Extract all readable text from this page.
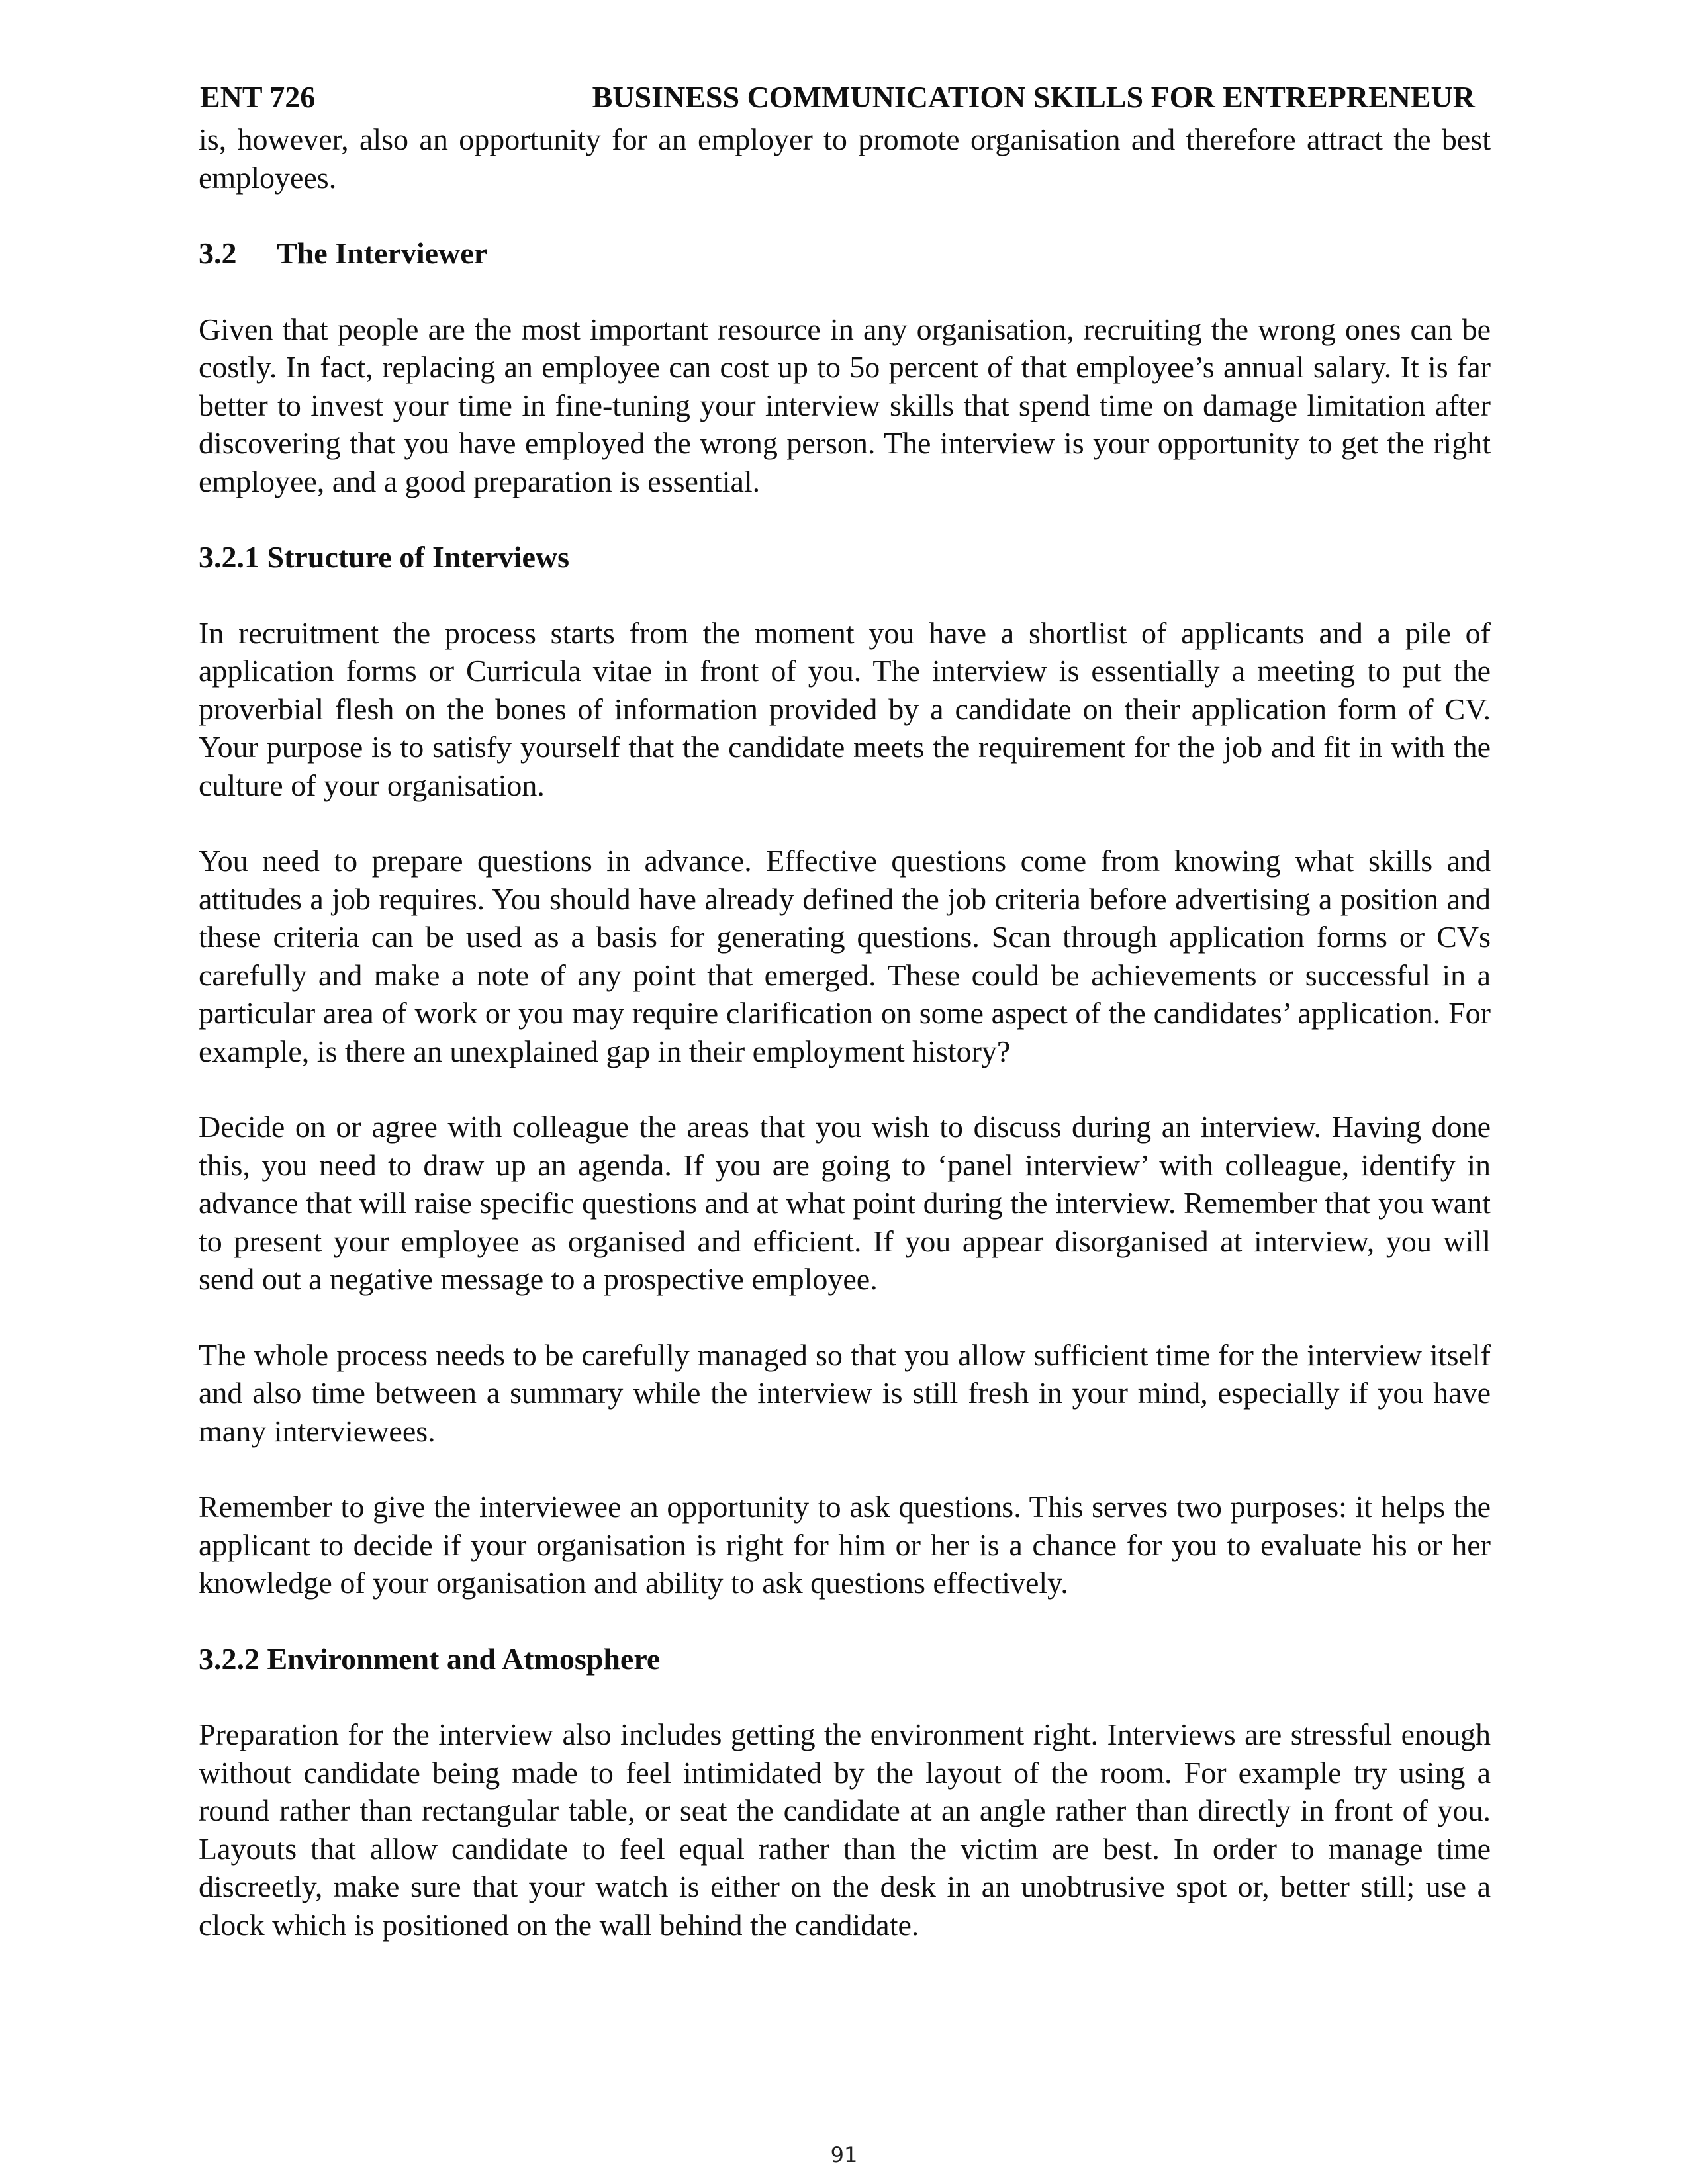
ENT 726	BUSINESS COMMUNICATION SKILLS FOR ENTREPRENEUR

is, however, also an opportunity for an employer to promote organisation and therefore attract the best employees.

3.2 The Interviewer

Given that people are the most important resource in any organisation, recruiting the wrong ones can be costly. In fact, replacing an employee can cost up to 5o percent of that employee’s annual salary. It is far better to invest your time in fine-tuning your interview skills that spend time on damage limitation after discovering that you have employed the wrong person. The interview is your opportunity to get the right employee, and a good preparation is essential.

3.2.1 Structure of Interviews

In recruitment the process starts from the moment you have a shortlist of applicants and a pile of application forms or Curricula vitae in front of you. The interview is essentially a meeting to put the proverbial flesh on the bones of information provided by a candidate on their application form of CV. Your purpose is to satisfy yourself that the candidate meets the requirement for the job and fit in with the culture of your organisation.

You need to prepare questions in advance. Effective questions come from knowing what skills and attitudes a job requires. You should have already defined the job criteria before advertising a position and these criteria can be used as a basis for generating questions. Scan through application forms or CVs carefully and make a note of any point that emerged. These could be achievements or successful in a particular area of work or you may require clarification on some aspect of the candidates’ application. For example, is there an unexplained gap in their employment history?

Decide on or agree with colleague the areas that you wish to discuss during an interview. Having done this, you need to draw up an agenda. If you are going to ‘panel interview’ with colleague, identify in advance that will raise specific questions and at what point during the interview. Remember that you want to present your employee as organised and efficient. If you appear disorganised at interview, you will send out a negative message to a prospective employee.

The whole process needs to be carefully managed so that you allow sufficient time for the interview itself and also time between a summary while the interview is still fresh in your mind, especially if you have many interviewees.

Remember to give the interviewee an opportunity to ask questions. This serves two purposes: it helps the applicant to decide if your organisation is right for him or her is a chance for you to evaluate his or her knowledge of your organisation and ability to ask questions effectively.

3.2.2 Environment and Atmosphere

Preparation for the interview also includes getting the environment right. Interviews are stressful enough without candidate being made to feel intimidated by the layout of the room. For example try using a round rather than rectangular table, or seat the candidate at an angle rather than directly in front of you. Layouts that allow candidate to feel equal rather than the victim are best. In order to manage time discreetly, make sure that your watch is either on the desk in an unobtrusive spot or, better still; use a clock which is positioned on the wall behind the candidate.

91
